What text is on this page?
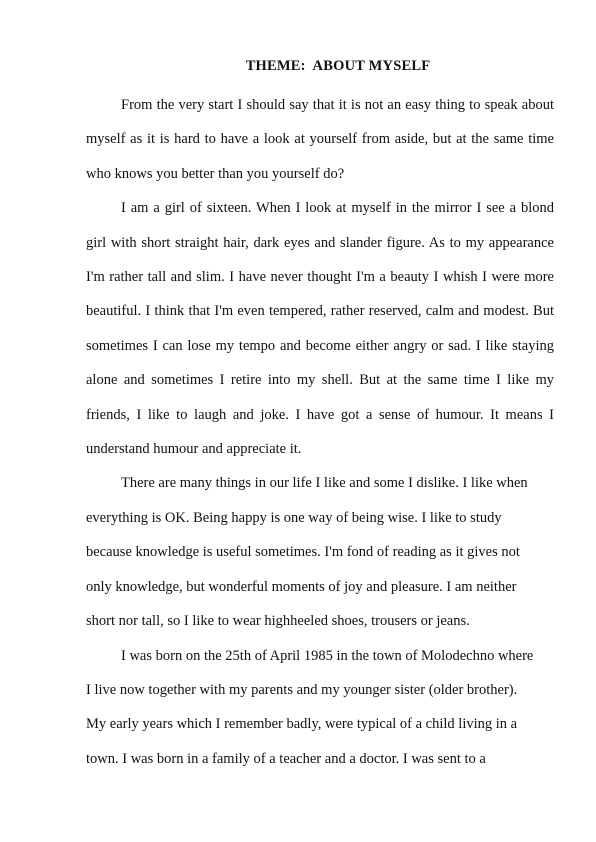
THEME:  ABOUT MYSELF

From the very start I should say that it is not an easy thing to speak about
myself as it is hard to have a look at yourself from aside, but at the same time
who knows you better than you yourself do?

I am a girl of sixteen. When I look at myself in the mirror I see a blond
girl with short straight hair, dark eyes and slander figure. As to my appearance
I'm rather tall and slim. I have never thought I'm a beauty I whish I were more
beautiful. I think that I'm even tempered, rather reserved, calm and modest. But
sometimes I can lose my tempo and become either angry or sad. I like staying
alone and sometimes I retire into my shell. But at the same time I like my
friends, I like to laugh and joke. I have got a sense of humour. It means I
understand humour and appreciate it.

There are many things in our life I like and some I dislike. I like when
everything is OK. Being happy is one way of being wise. I like to study
because knowledge is useful sometimes. I'm fond of reading as it gives not
only knowledge, but wonderful moments of joy and pleasure. I am neither
short nor tall, so I like to wear highheeled shoes, trousers or jeans.

I was born on the 25th of April 1985 in the town of Molodechno where
I live now together with my parents and my younger sister (older brother).
My early years which I remember badly, were typical of a child living in a
town. I was born in a family of a teacher and a doctor. I was sent to a
